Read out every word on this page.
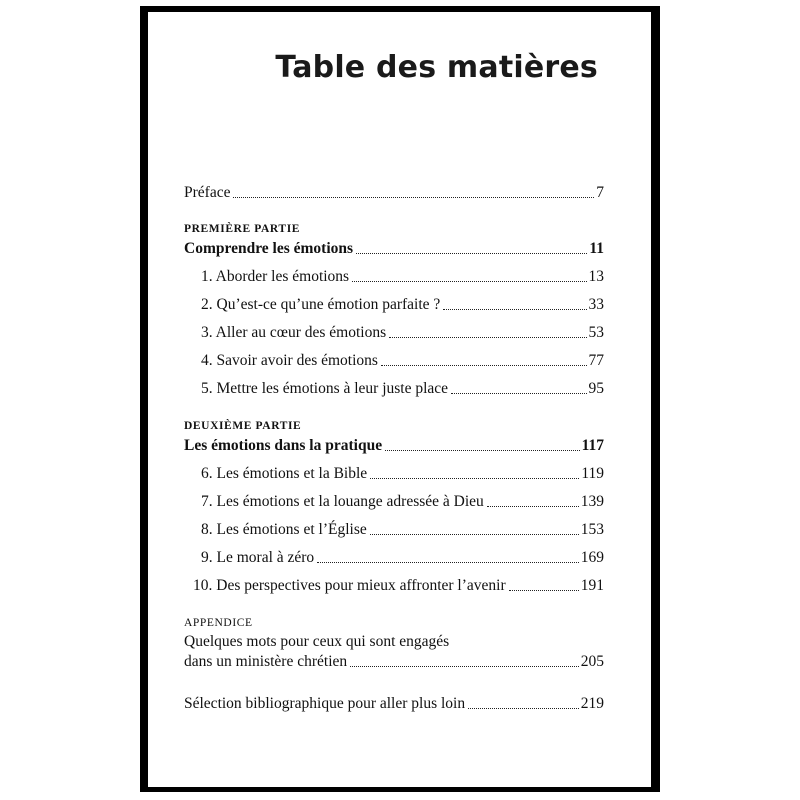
Table des matières
Préface	7
PREMIÈRE PARTIE
Comprendre les émotions	11
1. Aborder les émotions	13
2. Qu’est-ce qu’une émotion parfaite ?	33
3. Aller au cœur des émotions	53
4. Savoir avoir des émotions	77
5. Mettre les émotions à leur juste place	95
DEUXIÈME PARTIE
Les émotions dans la pratique	117
6. Les émotions et la Bible	119
7. Les émotions et la louange adressée à Dieu	139
8. Les émotions et l’Église	153
9. Le moral à zéro	169
10. Des perspectives pour mieux affronter l’avenir	191
APPENDICE
Quelques mots pour ceux qui sont engagés
dans un ministère chrétien	205
Sélection bibliographique pour aller plus loin	219
